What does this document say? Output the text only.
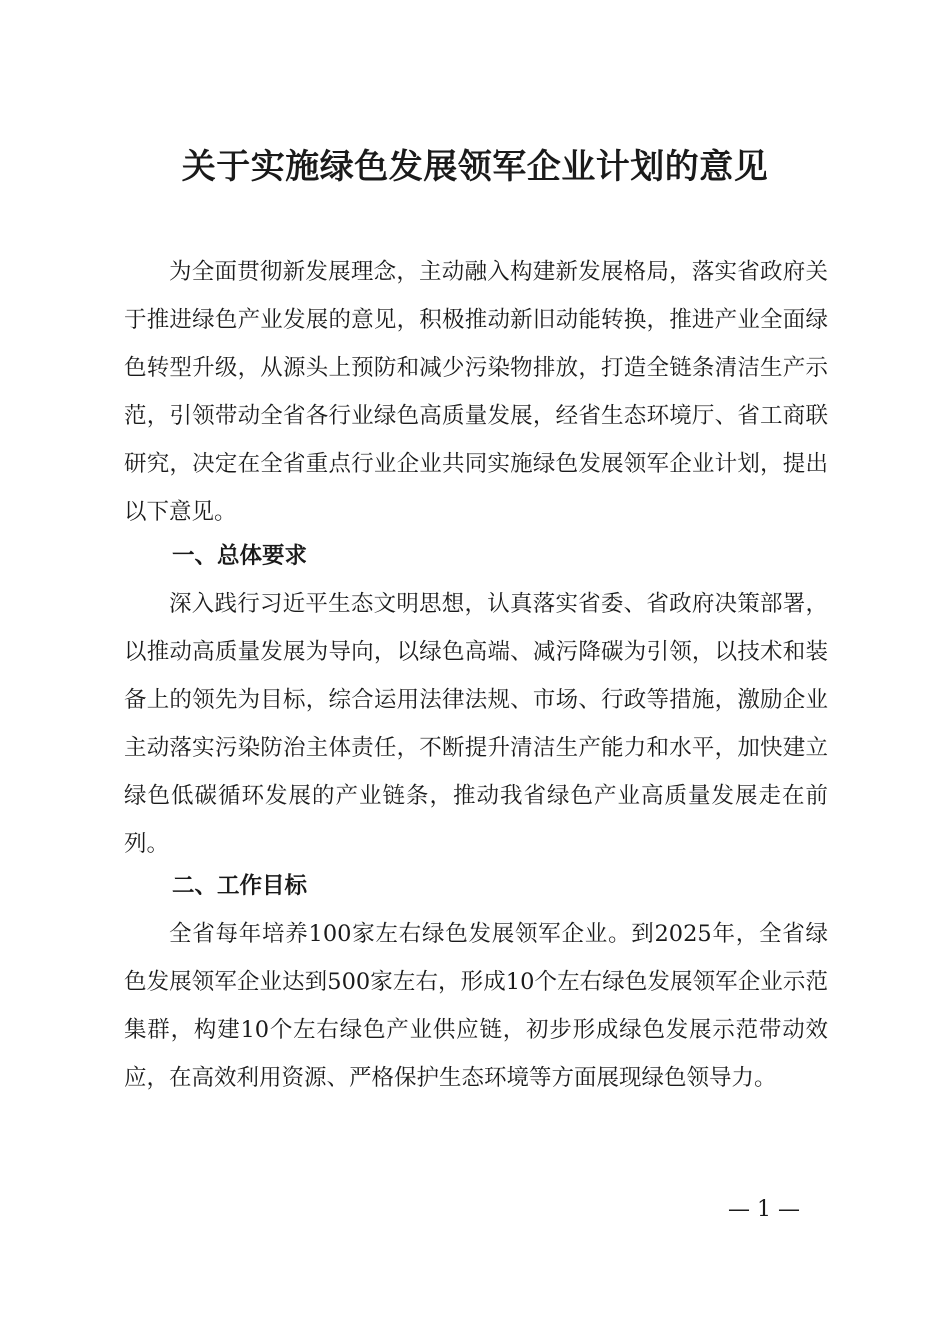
关于实施绿色发展领军企业计划的意见

为全面贯彻新发展理念，主动融入构建新发展格局，落实省政府关于推进绿色产业发展的意见，积极推动新旧动能转换，推进产业全面绿色转型升级，从源头上预防和减少污染物排放，打造全链条清洁生产示范，引领带动全省各行业绿色高质量发展，经省生态环境厅、省工商联研究，决定在全省重点行业企业共同实施绿色发展领军企业计划，提出以下意见。

一、总体要求

深入践行习近平生态文明思想，认真落实省委、省政府决策部署，以推动高质量发展为导向，以绿色高端、减污降碳为引领，以技术和装备上的领先为目标，综合运用法律法规、市场、行政等措施，激励企业主动落实污染防治主体责任，不断提升清洁生产能力和水平，加快建立绿色低碳循环发展的产业链条，推动我省绿色产业高质量发展走在前列。

二、工作目标

全省每年培养100家左右绿色发展领军企业。到2025年，全省绿色发展领军企业达到500家左右，形成10个左右绿色发展领军企业示范集群，构建10个左右绿色产业供应链，初步形成绿色发展示范带动效应，在高效利用资源、严格保护生态环境等方面展现绿色领导力。

— 1 —
